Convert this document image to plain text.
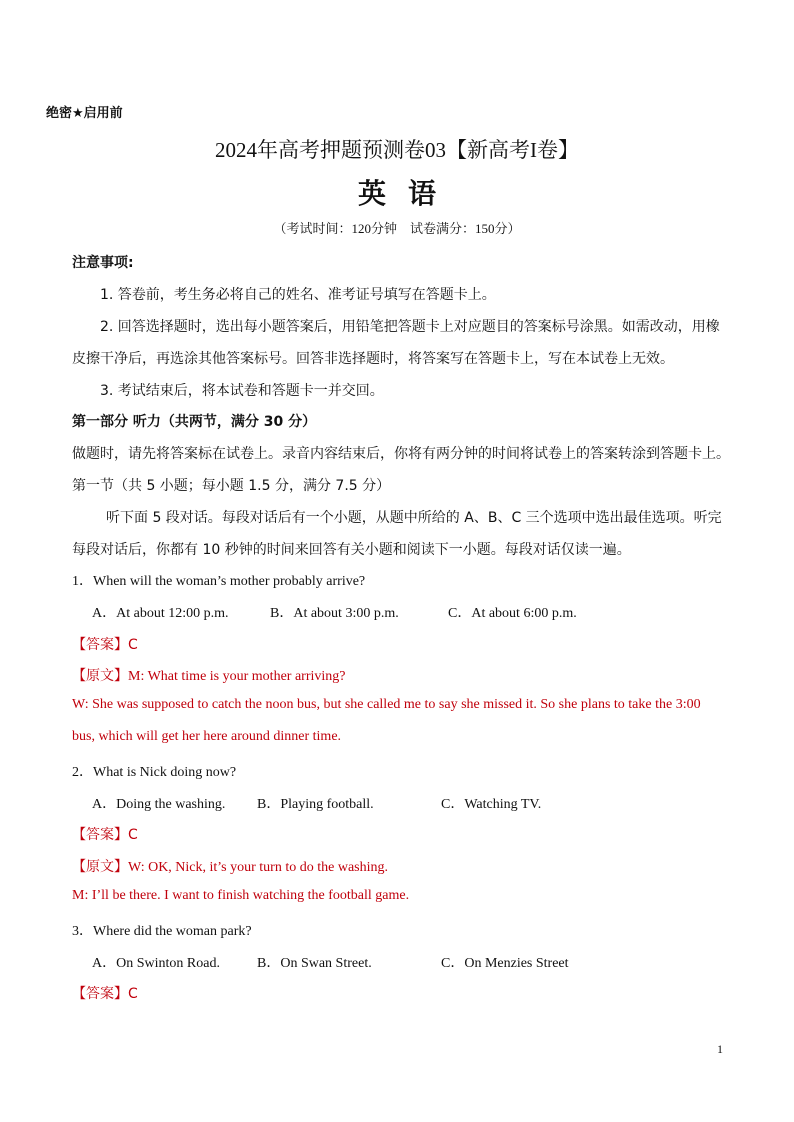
绝密★启用前
2024年高考押题预测卷03【新高考I卷】
英语
（考试时间：120分钟　试卷满分：150分）
注意事项:
1. 答卷前，考生务必将自己的姓名、准考证号填写在答题卡上。
2. 回答选择题时，选出每小题答案后，用铅笔把答题卡上对应题目的答案标号涂黑。如需改动，用橡
皮擦干净后，再选涂其他答案标号。回答非选择题时，将答案写在答题卡上，写在本试卷上无效。
3. 考试结束后，将本试卷和答题卡一并交回。
第一部分 听力（共两节，满分 30 分）
做题时，请先将答案标在试卷上。录音内容结束后，你将有两分钟的时间将试卷上的答案转涂到答题卡上。
第一节（共 5 小题；每小题 1.5 分，满分 7.5 分）
听下面 5 段对话。每段对话后有一个小题，从题中所给的 A、B、C 三个选项中选出最佳选项。听完
每段对话后，你都有 10 秒钟的时间来回答有关小题和阅读下一小题。每段对话仅读一遍。
1．When will the woman’s mother probably arrive?
A．At about 12:00 p.m.	B．At about 3:00 p.m.	C．At about 6:00 p.m.
【答案】C
【原文】M: What time is your mother arriving?
W: She was supposed to catch the noon bus, but she called me to say she missed it. So she plans to take the 3:00
bus, which will get her here around dinner time.
2．What is Nick doing now?
A．Doing the washing. B．Playing football.	C．Watching TV.
【答案】C
【原文】W: OK, Nick, it’s your turn to do the washing.
M: I’ll be there. I want to finish watching the football game.
3．Where did the woman park?
A．On Swinton Road.	B．On Swan Street.	C．On Menzies Street
【答案】C
1
